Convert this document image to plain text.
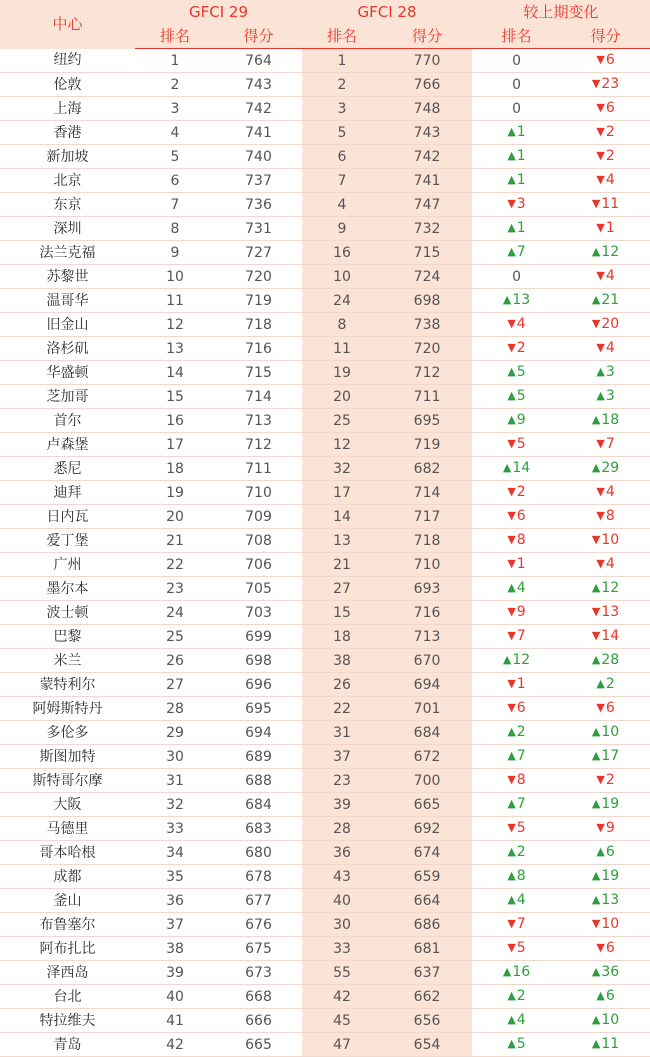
中心	GFCI 29		GFCI 28		较上期变化	
	排名	得分	排名	得分	排名	得分
纽约	1	764	1	770	0	▼6
伦敦	2	743	2	766	0	▼23
上海	3	742	3	748	0	▼6
香港	4	741	5	743	▲1	▼2
新加坡	5	740	6	742	▲1	▼2
北京	6	737	7	741	▲1	▼4
东京	7	736	4	747	▼3	▼11
深圳	8	731	9	732	▲1	▼1
法兰克福	9	727	16	715	▲7	▲12
苏黎世	10	720	10	724	0	▼4
温哥华	11	719	24	698	▲13	▲21
旧金山	12	718	8	738	▼4	▼20
洛杉矶	13	716	11	720	▼2	▼4
华盛顿	14	715	19	712	▲5	▲3
芝加哥	15	714	20	711	▲5	▲3
首尔	16	713	25	695	▲9	▲18
卢森堡	17	712	12	719	▼5	▼7
悉尼	18	711	32	682	▲14	▲29
迪拜	19	710	17	714	▼2	▼4
日内瓦	20	709	14	717	▼6	▼8
爱丁堡	21	708	13	718	▼8	▼10
广州	22	706	21	710	▼1	▼4
墨尔本	23	705	27	693	▲4	▲12
波士顿	24	703	15	716	▼9	▼13
巴黎	25	699	18	713	▼7	▼14
米兰	26	698	38	670	▲12	▲28
蒙特利尔	27	696	26	694	▼1	▲2
阿姆斯特丹	28	695	22	701	▼6	▼6
多伦多	29	694	31	684	▲2	▲10
斯图加特	30	689	37	672	▲7	▲17
斯特哥尔摩	31	688	23	700	▼8	▼2
大阪	32	684	39	665	▲7	▲19
马德里	33	683	28	692	▼5	▼9
哥本哈根	34	680	36	674	▲2	▲6
成都	35	678	43	659	▲8	▲19
釜山	36	677	40	664	▲4	▲13
布鲁塞尔	37	676	30	686	▼7	▼10
阿布扎比	38	675	33	681	▼5	▼6
泽西岛	39	673	55	637	▲16	▲36
台北	40	668	42	662	▲2	▲6
特拉维夫	41	666	45	656	▲4	▲10
青岛	42	665	47	654	▲5	▲11
